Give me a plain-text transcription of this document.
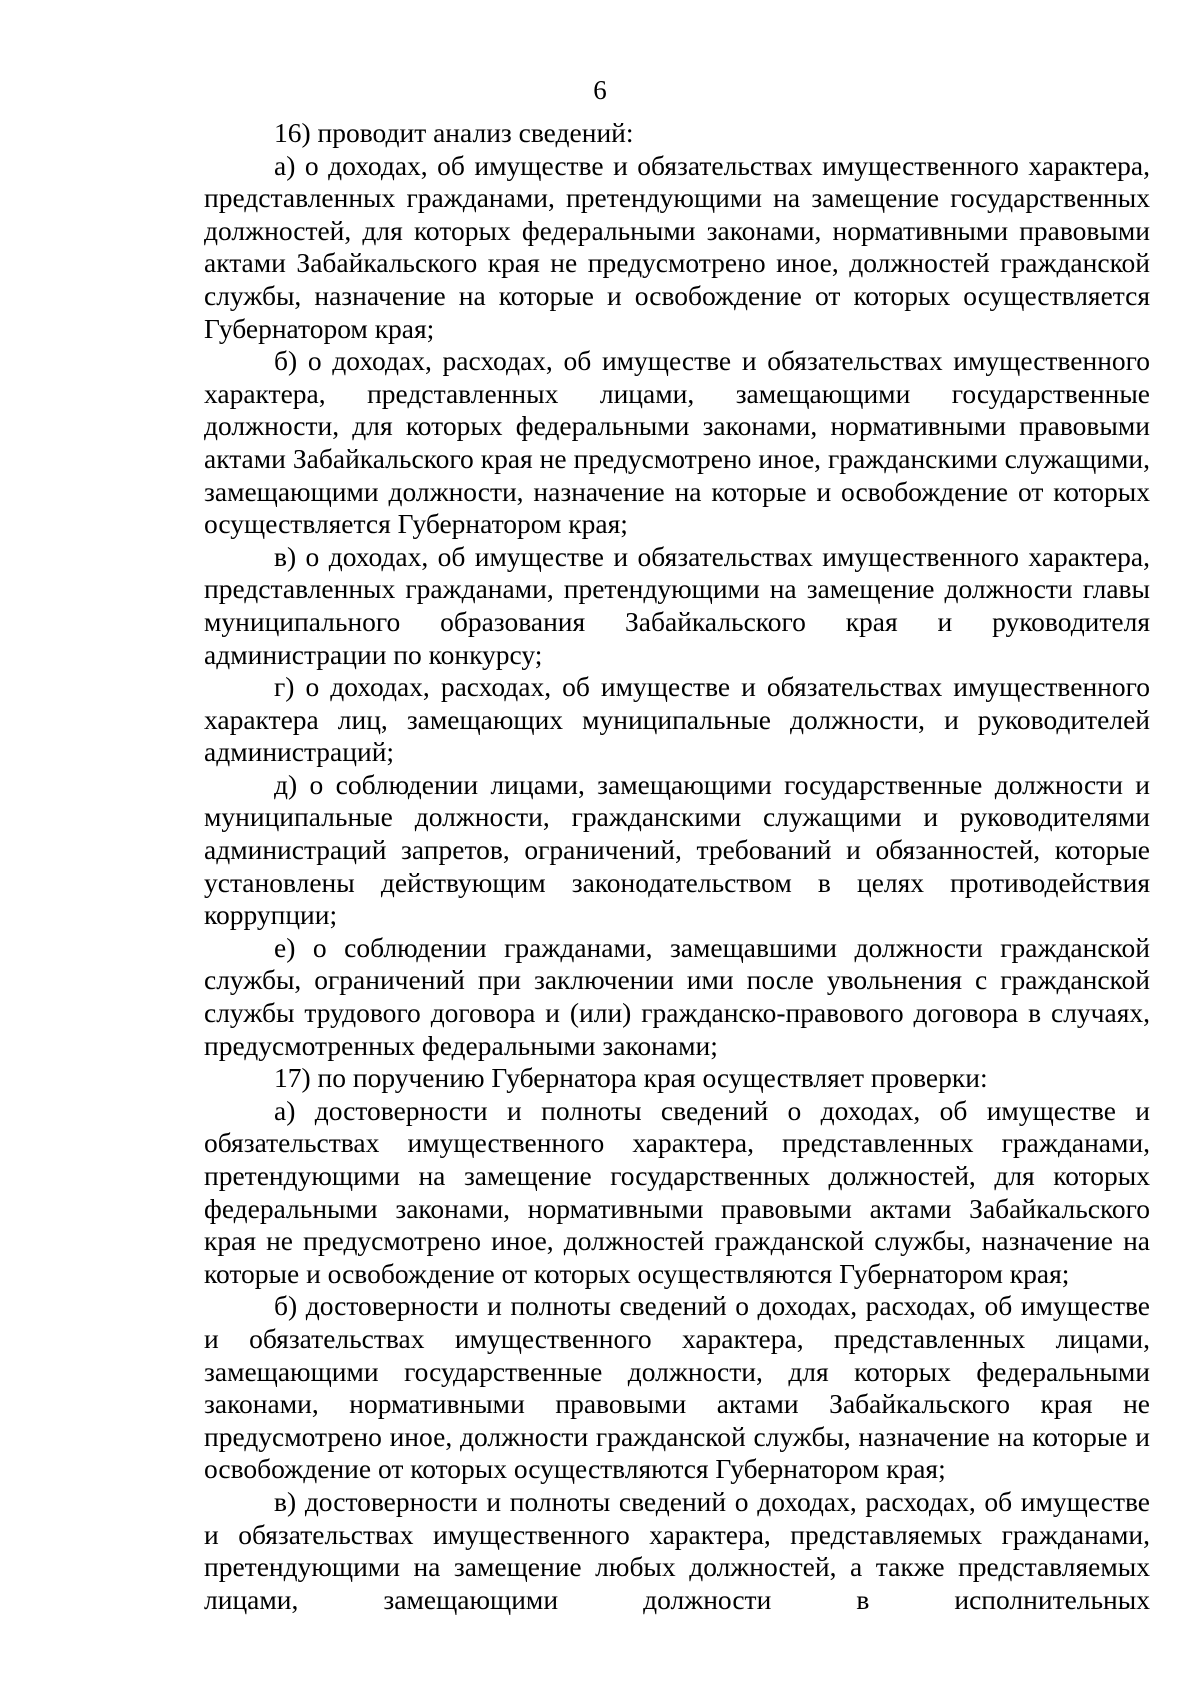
6

16) проводит анализ сведений:

а) о доходах, об имуществе и обязательствах имущественного характера, представленных гражданами, претендующими на замещение государственных должностей, для которых федеральными законами, нормативными правовыми актами Забайкальского края не предусмотрено иное, должностей гражданской службы, назначение на которые и освобождение от которых осуществляется Губернатором края;

б) о доходах, расходах, об имуществе и обязательствах имущественного характера, представленных лицами, замещающими государственные должности, для которых федеральными законами, нормативными правовыми актами Забайкальского края не предусмотрено иное, гражданскими служащими, замещающими должности, назначение на которые и освобождение от которых осуществляется Губернатором края;

в) о доходах, об имуществе и обязательствах имущественного характера, представленных гражданами, претендующими на замещение должности главы муниципального образования Забайкальского края и руководителя администрации по конкурсу;

г) о доходах, расходах, об имуществе и обязательствах имущественного характера лиц, замещающих муниципальные должности, и руководителей администраций;

д) о соблюдении лицами, замещающими государственные должности и муниципальные должности, гражданскими служащими и руководителями администраций запретов, ограничений, требований и обязанностей, которые установлены действующим законодательством в целях противодействия коррупции;

е) о соблюдении гражданами, замещавшими должности гражданской службы, ограничений при заключении ими после увольнения с гражданской службы трудового договора и (или) гражданско-правового договора в случаях, предусмотренных федеральными законами;

17) по поручению Губернатора края осуществляет проверки:

а) достоверности и полноты сведений о доходах, об имуществе и обязательствах имущественного характера, представленных гражданами, претендующими на замещение государственных должностей, для которых федеральными законами, нормативными правовыми актами Забайкальского края не предусмотрено иное, должностей гражданской службы, назначение на которые и освобождение от которых осуществляются Губернатором края;

б) достоверности и полноты сведений о доходах, расходах, об имуществе и обязательствах имущественного характера, представленных лицами, замещающими государственные должности, для которых федеральными законами, нормативными правовыми актами Забайкальского края не предусмотрено иное, должности гражданской службы, назначение на которые и освобождение от которых осуществляются Губернатором края;

в) достоверности и полноты сведений о доходах, расходах, об имуществе и обязательствах имущественного характера, представляемых гражданами, претендующими на замещение любых должностей, а также представляемых лицами, замещающими должности в исполнительных
